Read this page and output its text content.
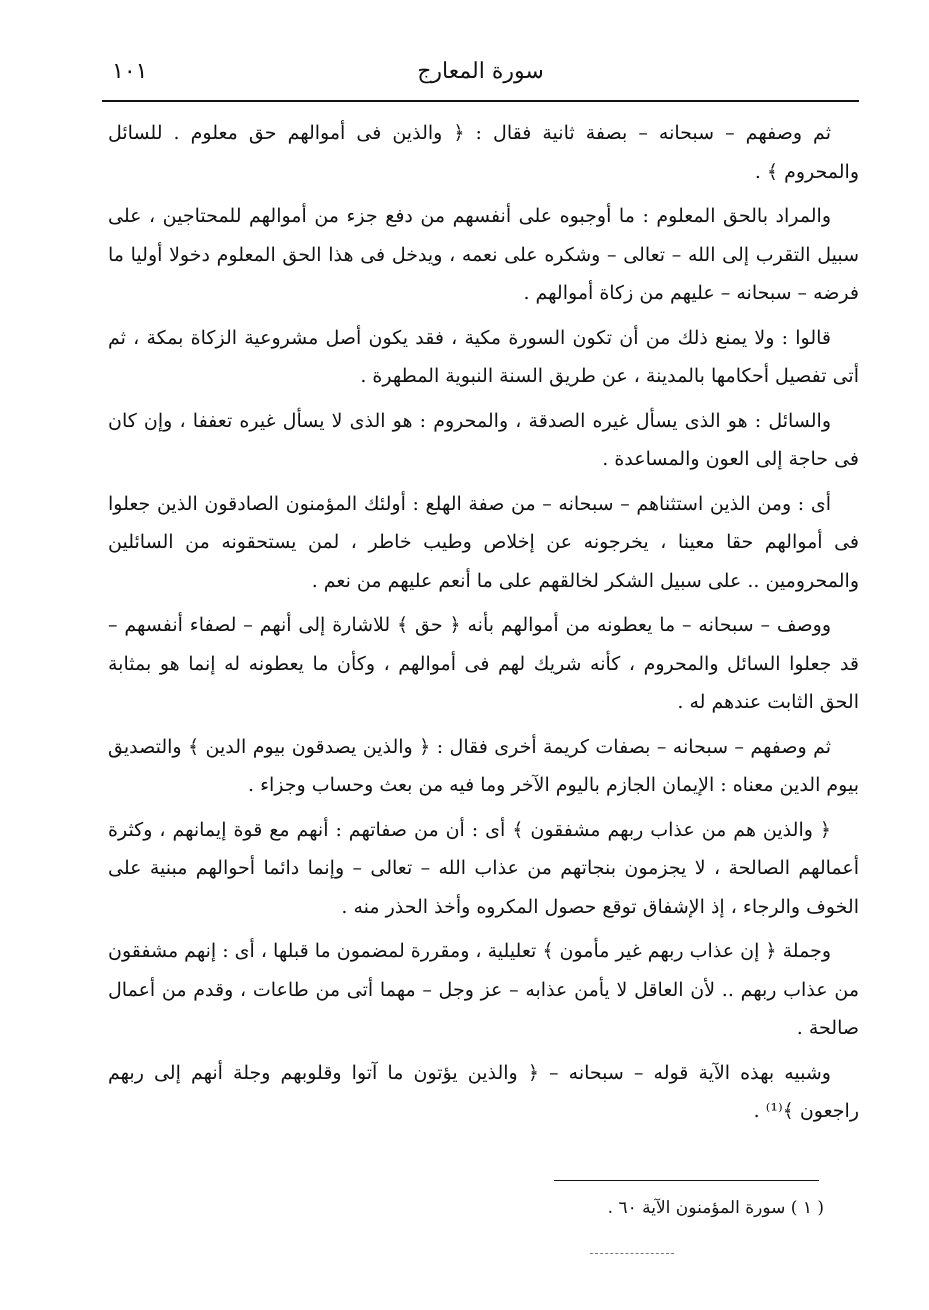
سورة المعارج
١٠١

ثم وصفهم – سبحانه – بصفة ثانية فقال : ﴿ والذين فى أموالهم حق معلوم . للسائل والمحروم ﴾ .

والمراد بالحق المعلوم : ما أوجبوه على أنفسهم من دفع جزء من أموالهم للمحتاجين ، على سبيل التقرب إلى الله – تعالى – وشكره على نعمه ، ويدخل فى هذا الحق المعلوم دخولا أوليا ما فرضه – سبحانه – عليهم من زكاة أموالهم .

قالوا : ولا يمنع ذلك من أن تكون السورة مكية ، فقد يكون أصل مشروعية الزكاة بمكة ، ثم أتى تفصيل أحكامها بالمدينة ، عن طريق السنة النبوية المطهرة .

والسائل : هو الذى يسأل غيره الصدقة ، والمحروم : هو الذى لا يسأل غيره تعففا ، وإن كان فى حاجة إلى العون والمساعدة .

أى : ومن الذين استثناهم – سبحانه – من صفة الهلع : أولئك المؤمنون الصادقون الذين جعلوا فى أموالهم حقا معينا ، يخرجونه عن إخلاص وطيب خاطر ، لمن يستحقونه من السائلين والمحرومين .. على سبيل الشكر لخالقهم على ما أنعم عليهم من نعم .

ووصف – سبحانه – ما يعطونه من أموالهم بأنه ﴿ حق ﴾ للاشارة إلى أنهم – لصفاء أنفسهم – قد جعلوا السائل والمحروم ، كأنه شريك لهم فى أموالهم ، وكأن ما يعطونه له إنما هو بمثابة الحق الثابت عندهم له .

ثم وصفهم – سبحانه – بصفات كريمة أخرى فقال : ﴿ والذين يصدقون بيوم الدين ﴾ والتصديق بيوم الدين معناه : الإيمان الجازم باليوم الآخر وما فيه من بعث وحساب وجزاء .

﴿ والذين هم من عذاب ربهم مشفقون ﴾ أى : أن من صفاتهم : أنهم مع قوة إيمانهم ، وكثرة أعمالهم الصالحة ، لا يجزمون بنجاتهم من عذاب الله – تعالى – وإنما دائما أحوالهم مبنية على الخوف والرجاء ، إذ الإشفاق توقع حصول المكروه وأخذ الحذر منه .

وجملة ﴿ إن عذاب ربهم غير مأمون ﴾ تعليلية ، ومقررة لمضمون ما قبلها ، أى : إنهم مشفقون من عذاب ربهم .. لأن العاقل لا يأمن عذابه – عز وجل – مهما أتى من طاعات ، وقدم من أعمال صالحة .

وشبيه بهذه الآية قوله – سبحانه – ﴿ والذين يؤتون ما آتوا وقلوبهم وجلة أنهم إلى ربهم راجعون ﴾⁽¹⁾ .

( ١ ) سورة المؤمنون الآية ٦٠ .
